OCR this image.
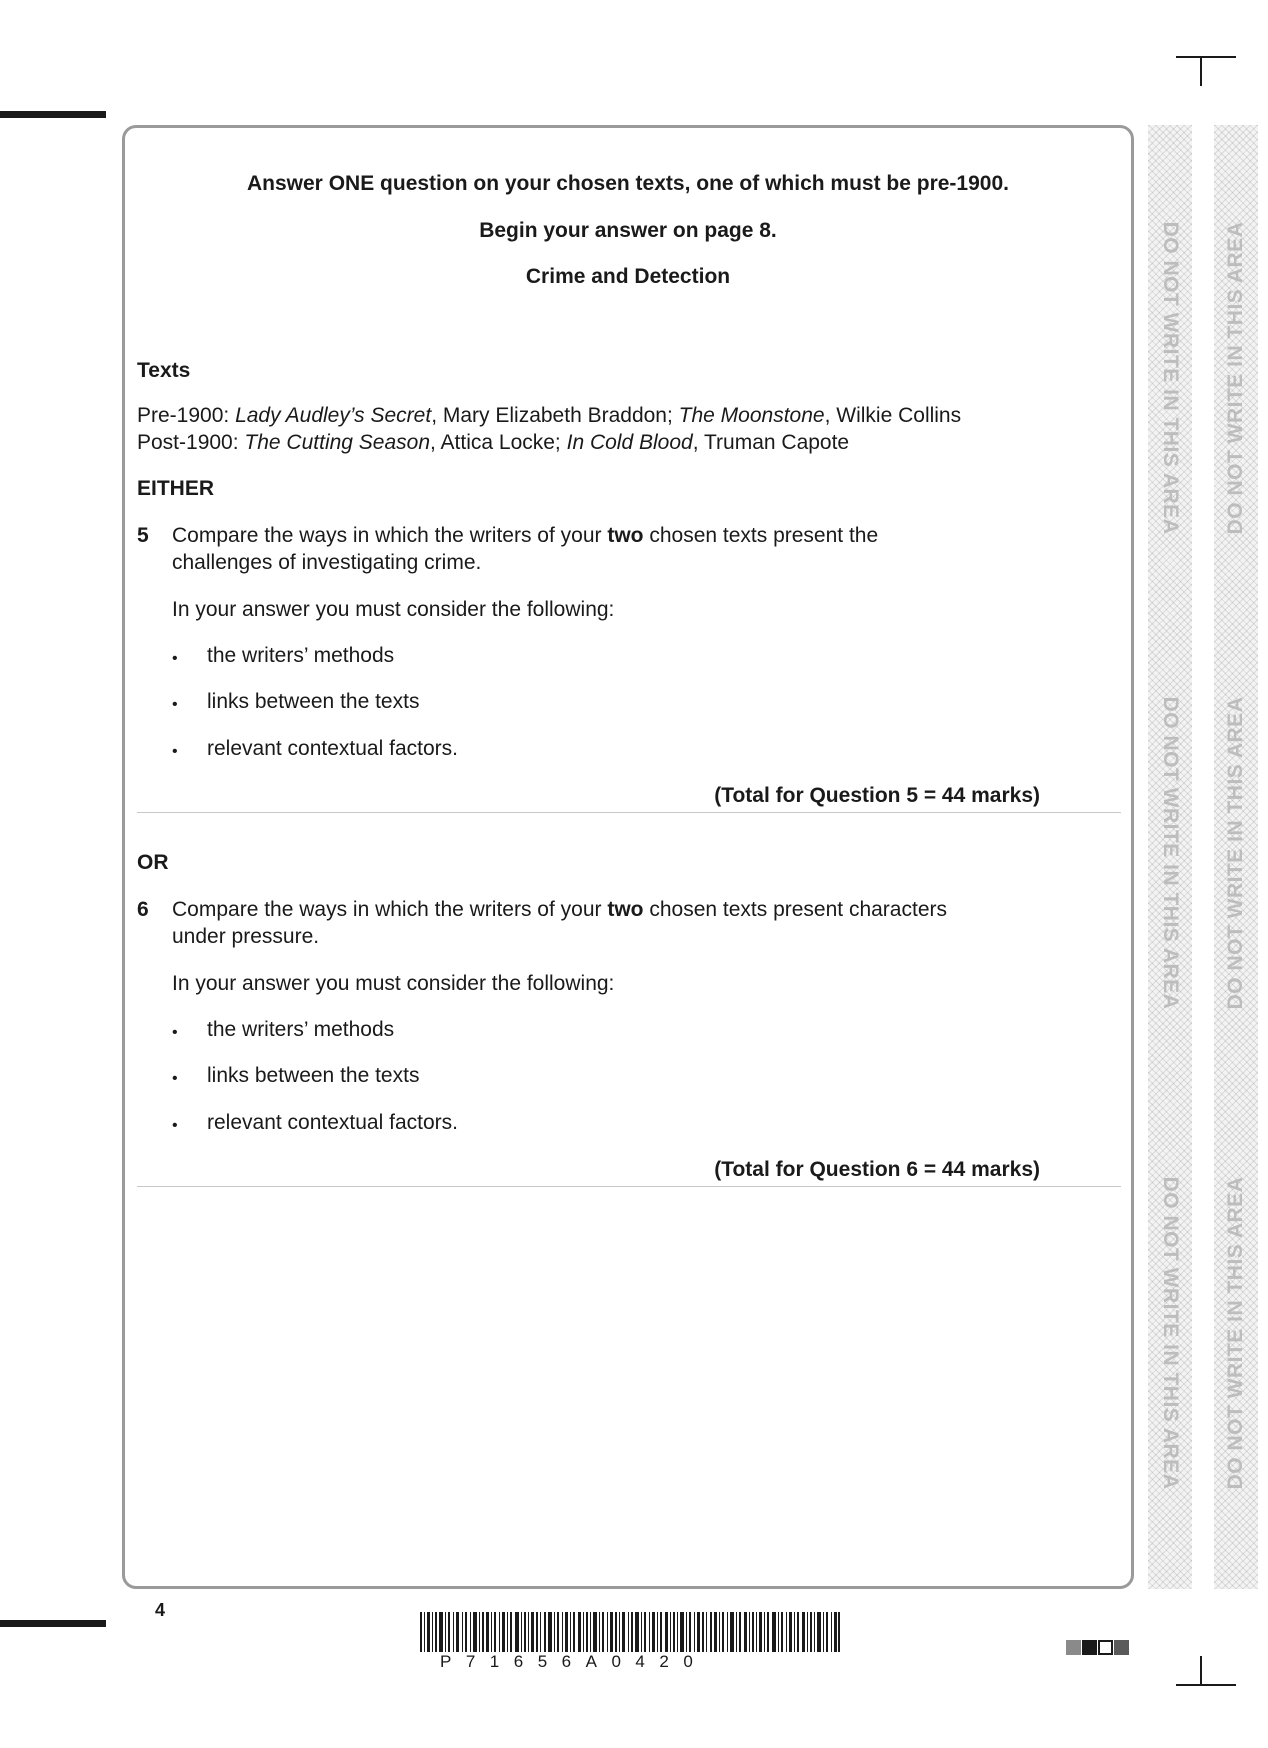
DO NOT WRITE IN THIS AREA
DO NOT WRITE IN THIS AREA
DO NOT WRITE IN THIS AREA
DO NOT WRITE IN THIS AREA
DO NOT WRITE IN THIS AREA
DO NOT WRITE IN THIS AREA
Answer ONE question on your chosen texts, one of which must be pre-1900.
Begin your answer on page 8.
Crime and Detection
Texts
Pre-1900: Lady Audley’s Secret, Mary Elizabeth Braddon; The Moonstone, Wilkie Collins
Post-1900: The Cutting Season, Attica Locke; In Cold Blood, Truman Capote
EITHER
5 Compare the ways in which the writers of your two chosen texts present the
challenges of investigating crime.
In your answer you must consider the following:
• the writers’ methods
• links between the texts
• relevant contextual factors.
(Total for Question 5 = 44 marks)
OR
6 Compare the ways in which the writers of your two chosen texts present characters
under pressure.
In your answer you must consider the following:
• the writers’ methods
• links between the texts
• relevant contextual factors.
(Total for Question 6 = 44 marks)
4
P71656A0420
